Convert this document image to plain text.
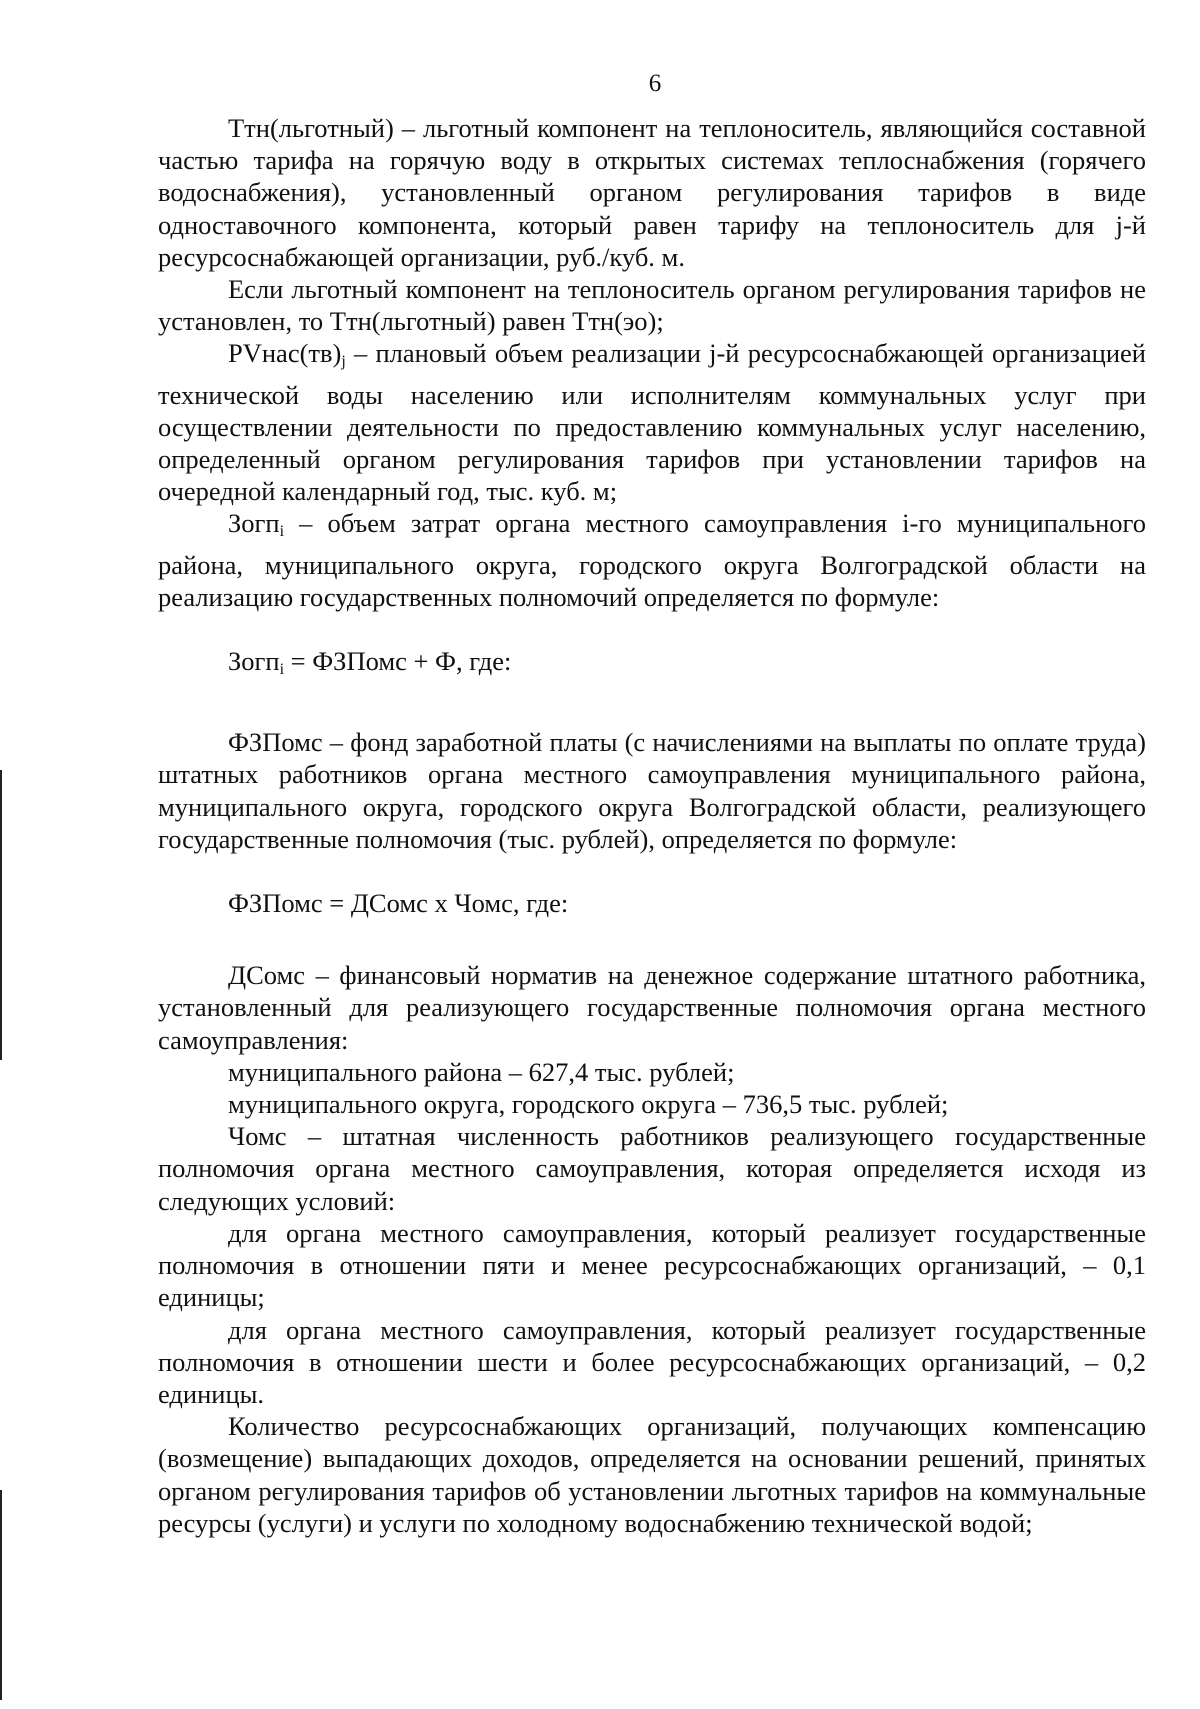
6

Ттн(льготный) – льготный компонент на теплоноситель, являющийся составной частью тарифа на горячую воду в открытых системах теплоснабжения (горячего водоснабжения), установленный органом регулирования тарифов в виде одноставочного компонента, который равен тарифу на теплоноситель для j-й ресурсоснабжающей организации, руб./куб. м.

Если льготный компонент на теплоноситель органом регулирования тарифов не установлен, то Ттн(льготный) равен Ттн(эо);

$PVнас(тв)_j$ – плановый объем реализации j-й ресурсоснабжающей организацией технической воды населению или исполнителям коммунальных услуг при осуществлении деятельности по предоставлению коммунальных услуг населению, определенный органом регулирования тарифов при установлении тарифов на очередной календарный год, тыс. куб. м;

Зогп$_i$ – объем затрат органа местного самоуправления i-го муниципального района, муниципального округа, городского округа Волгоградской области на реализацию государственных полномочий определяется по формуле:

Зогп$_i$ = ФЗПомс + Ф, где:

ФЗПомс – фонд заработной платы (с начислениями на выплаты по оплате труда) штатных работников органа местного самоуправления муниципального района, муниципального округа, городского округа Волгоградской области, реализующего государственные полномочия (тыс. рублей), определяется по формуле:

ФЗПомс = ДСомс х Чомс, где:

ДСомс – финансовый норматив на денежное содержание штатного работника, установленный для реализующего государственные полномочия органа местного самоуправления:

муниципального района – 627,4 тыс. рублей;

муниципального округа, городского округа – 736,5 тыс. рублей;

Чомс – штатная численность работников реализующего государственные полномочия органа местного самоуправления, которая определяется исходя из следующих условий:

для органа местного самоуправления, который реализует государственные полномочия в отношении пяти и менее ресурсоснабжающих организаций, – 0,1 единицы;

для органа местного самоуправления, который реализует государственные полномочия в отношении шести и более ресурсоснабжающих организаций, – 0,2 единицы.

Количество ресурсоснабжающих организаций, получающих компенсацию (возмещение) выпадающих доходов, определяется на основании решений, принятых органом регулирования тарифов об установлении льготных тарифов на коммунальные ресурсы (услуги) и услуги по холодному водоснабжению технической водой;
